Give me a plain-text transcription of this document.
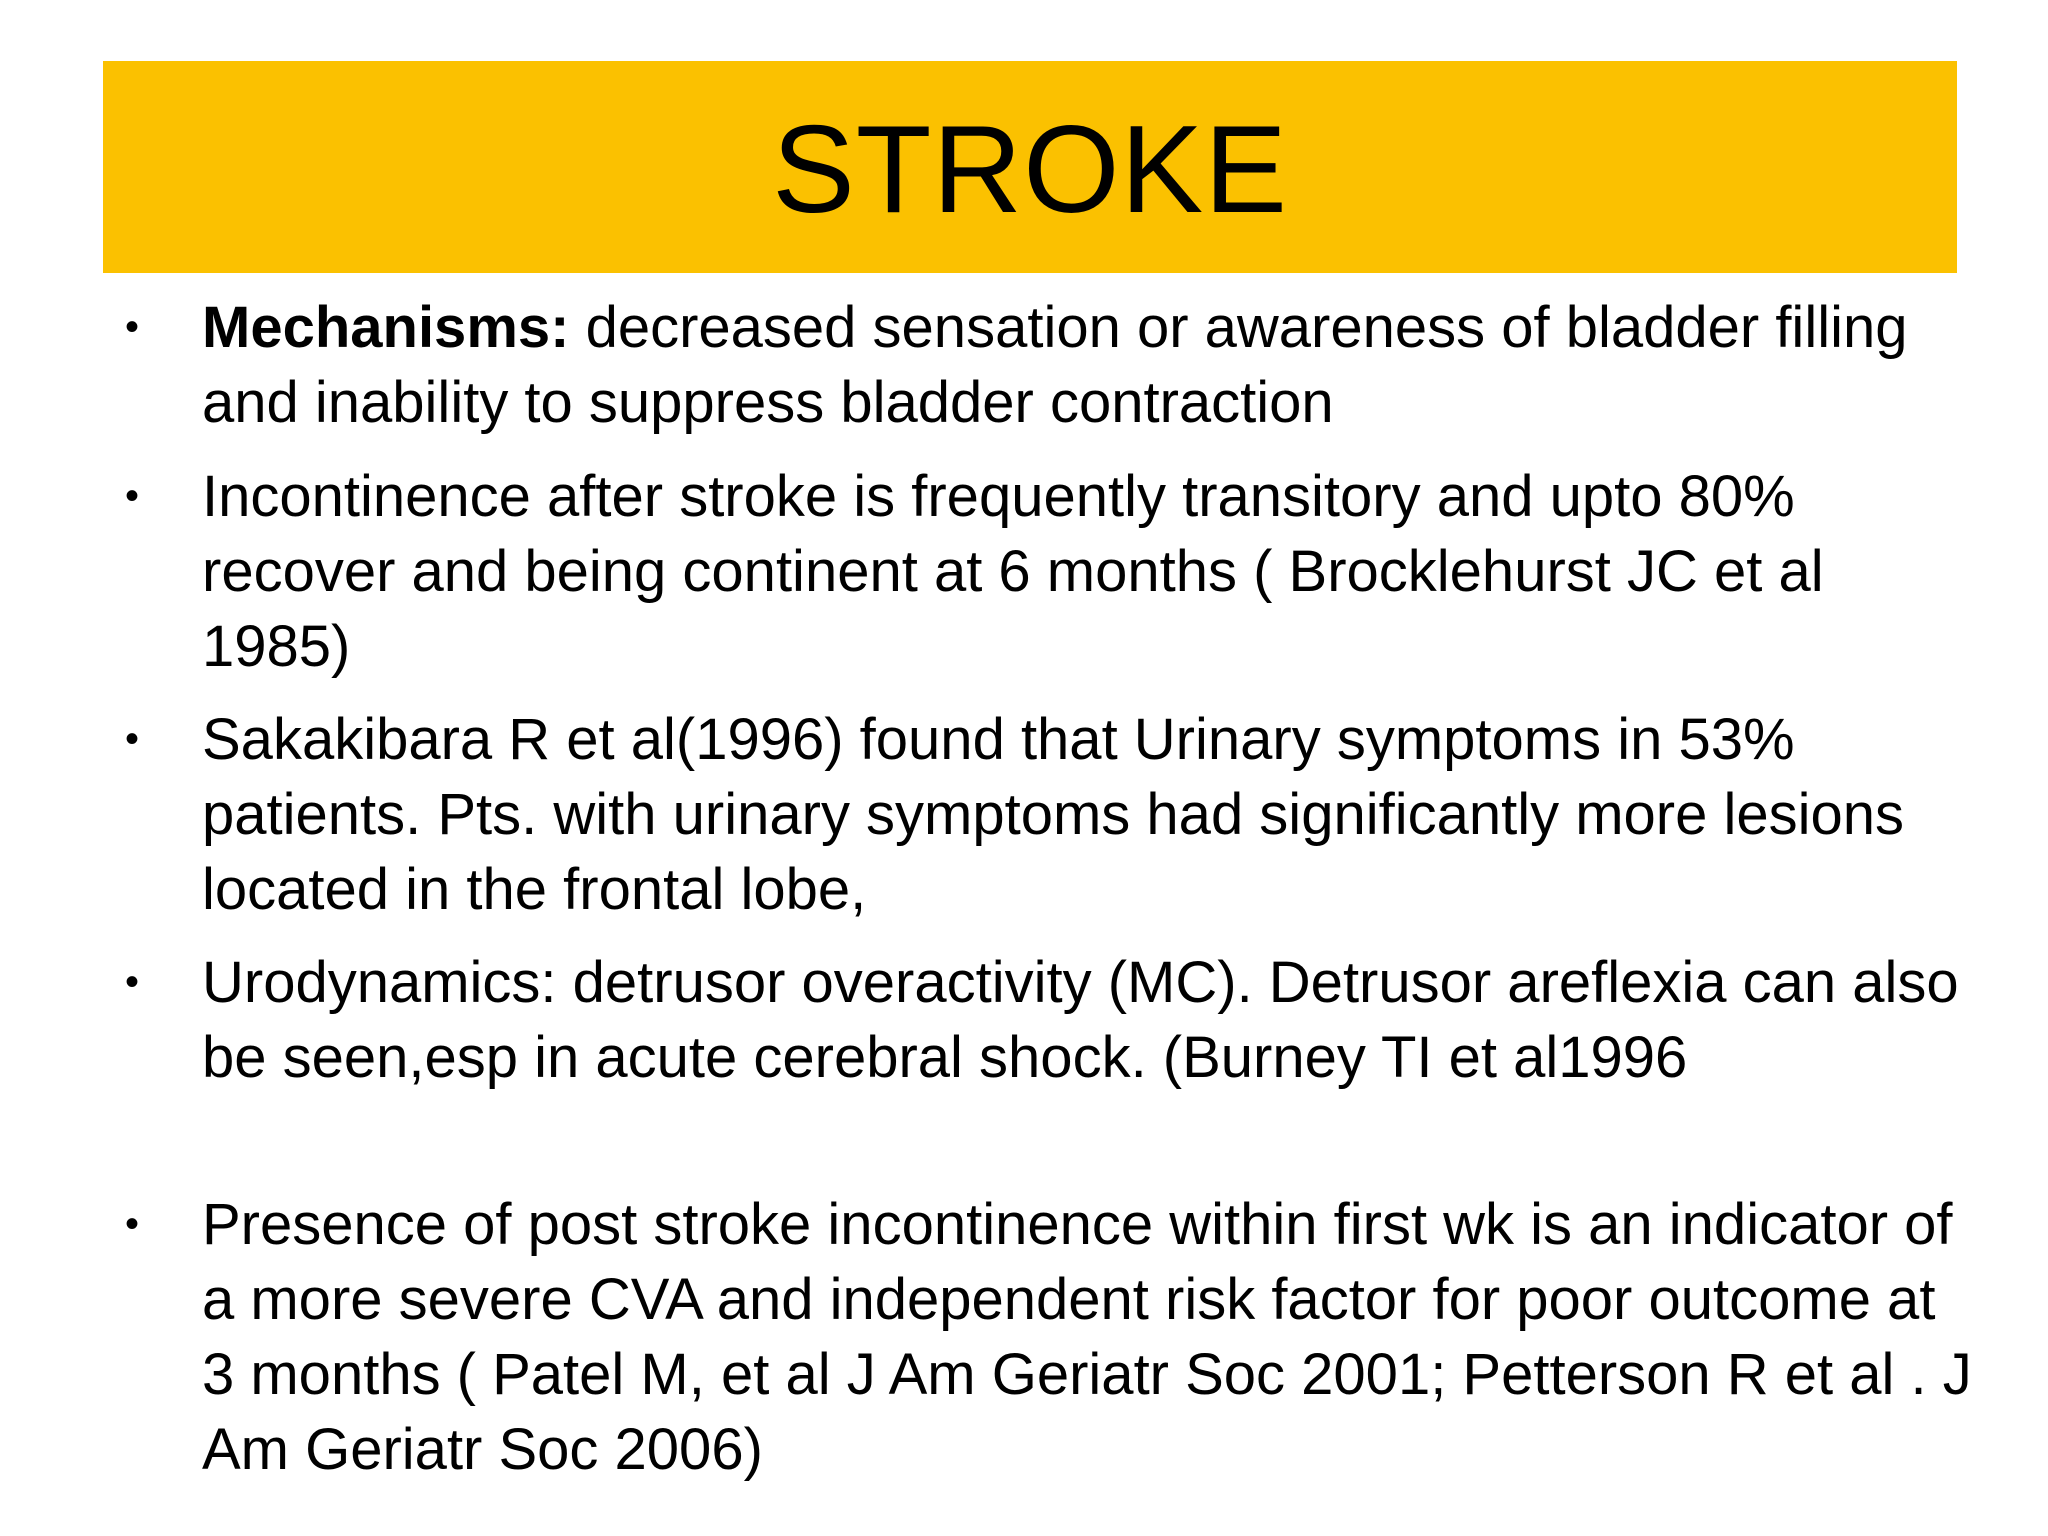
STROKE
•	Mechanisms: decreased sensation or awareness of bladder filling and inability to suppress bladder contraction
•	Incontinence after stroke is frequently transitory and upto 80% recover and being continent at 6 months ( Brocklehurst JC et al 1985)
•	Sakakibara R et al(1996) found that Urinary symptoms in 53% patients. Pts. with urinary symptoms had significantly more lesions located in the frontal lobe,
•	Urodynamics: detrusor overactivity (MC). Detrusor areflexia can also be seen,esp in acute cerebral shock. (Burney TI et al1996
•	Presence of post stroke incontinence within first wk is an indicator of a more severe CVA and independent risk factor for poor outcome at 3 months ( Patel M, et al J Am Geriatr Soc 2001; Petterson R et al . J Am Geriatr Soc 2006)
